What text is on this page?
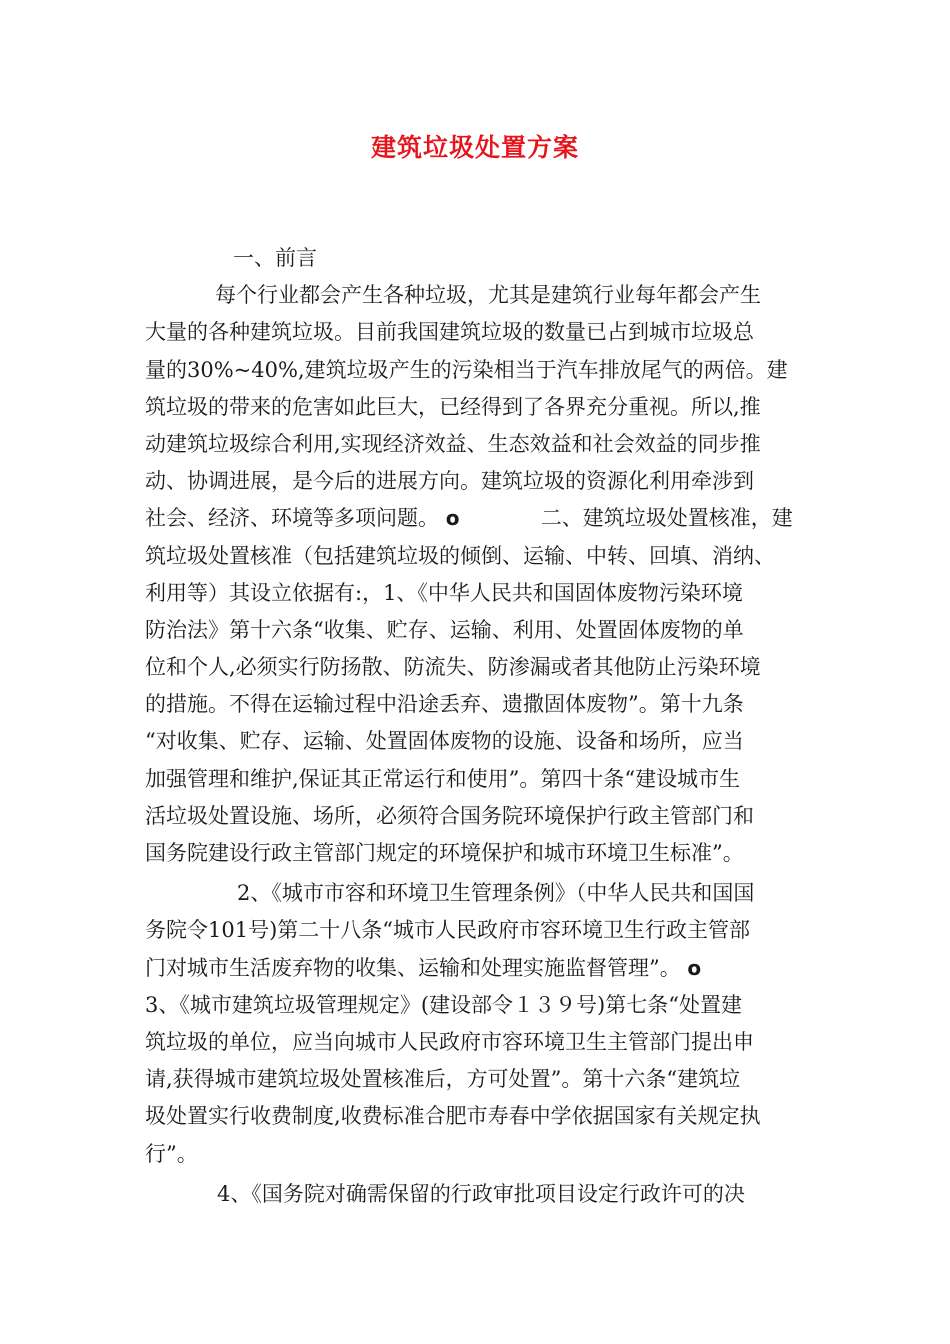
建筑垃圾处置方案
一、前言
每个行业都会产生各种垃圾，尤其是建筑行业每年都会产生
大量的各种建筑垃圾。目前我国建筑垃圾的数量已占到城市垃圾总
量的30%~40%,建筑垃圾产生的污染相当于汽车排放尾气的两倍。建
筑垃圾的带来的危害如此巨大，已经得到了各界充分重视。所以,推
动建筑垃圾综合利用,实现经济效益、生态效益和社会效益的同步推
动、协调进展，是今后的进展方向。建筑垃圾的资源化利用牵涉到
社会、经济、环境等多项问题。 o	二、建筑垃圾处置核准，建
筑垃圾处置核准（包括建筑垃圾的倾倒、运输、中转、回填、消纳、
利用等）其设立依据有:，1、《中华人民共和国固体废物污染环境
防治法》第十六条“收集、贮存、运输、利用、处置固体废物的单
位和个人,必须实行防扬散、防流失、防渗漏或者其他防止污染环境
的措施。不得在运输过程中沿途丢弃、遗撒固体废物”。第十九条
“对收集、贮存、运输、处置固体废物的设施、设备和场所，应当
加强管理和维护,保证其正常运行和使用”。第四十条“建设城市生
活垃圾处置设施、场所，必须符合国务院环境保护行政主管部门和
国务院建设行政主管部门规定的环境保护和城市环境卫生标准”。
2、《城市市容和环境卫生管理条例》（中华人民共和国国
务院令101号)第二十八条“城市人民政府市容环境卫生行政主管部
门对城市生活废弃物的收集、运输和处理实施监督管理”。 o
3、《城市建筑垃圾管理规定》(建设部令１３９号)第七条“处置建
筑垃圾的单位，应当向城市人民政府市容环境卫生主管部门提出申
请,获得城市建筑垃圾处置核准后，方可处置”。第十六条“建筑垃
圾处置实行收费制度,收费标准合肥市寿春中学依据国家有关规定执
行”。
4、《国务院对确需保留的行政审批项目设定行政许可的决
